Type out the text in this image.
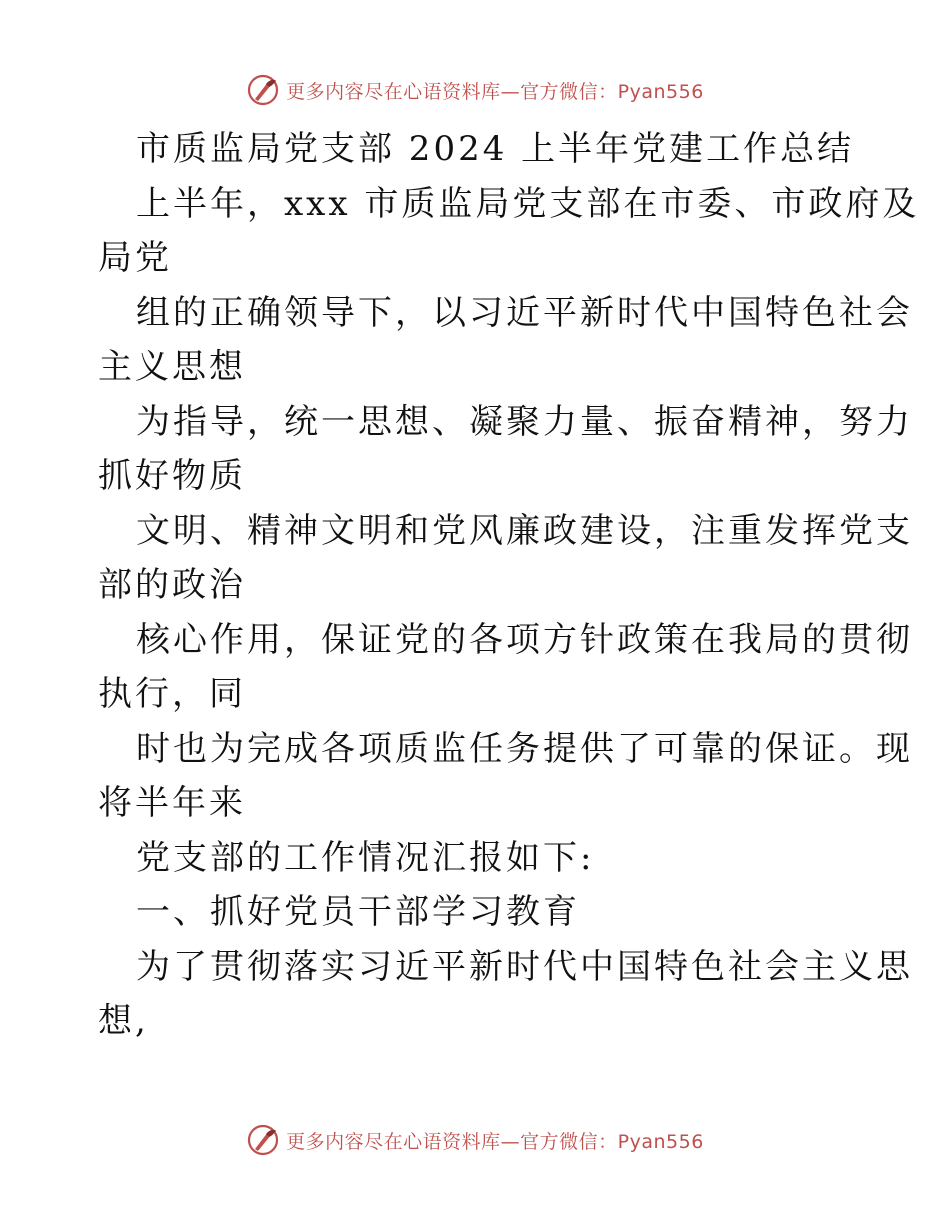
更多内容尽在心语资料库—官方微信：Pyan556
市质监局党支部 2024 上半年党建工作总结
上半年，xxx 市质监局党支部在市委、市政府及
局党
组的正确领导下，以习近平新时代中国特色社会
主义思想
为指导，统一思想、凝聚力量、振奋精神，努力
抓好物质
文明、精神文明和党风廉政建设，注重发挥党支
部的政治
核心作用，保证党的各项方针政策在我局的贯彻
执行，同
时也为完成各项质监任务提供了可靠的保证。现
将半年来
党支部的工作情况汇报如下:
一、抓好党员干部学习教育
为了贯彻落实习近平新时代中国特色社会主义思
想,
更多内容尽在心语资料库—官方微信：Pyan556
